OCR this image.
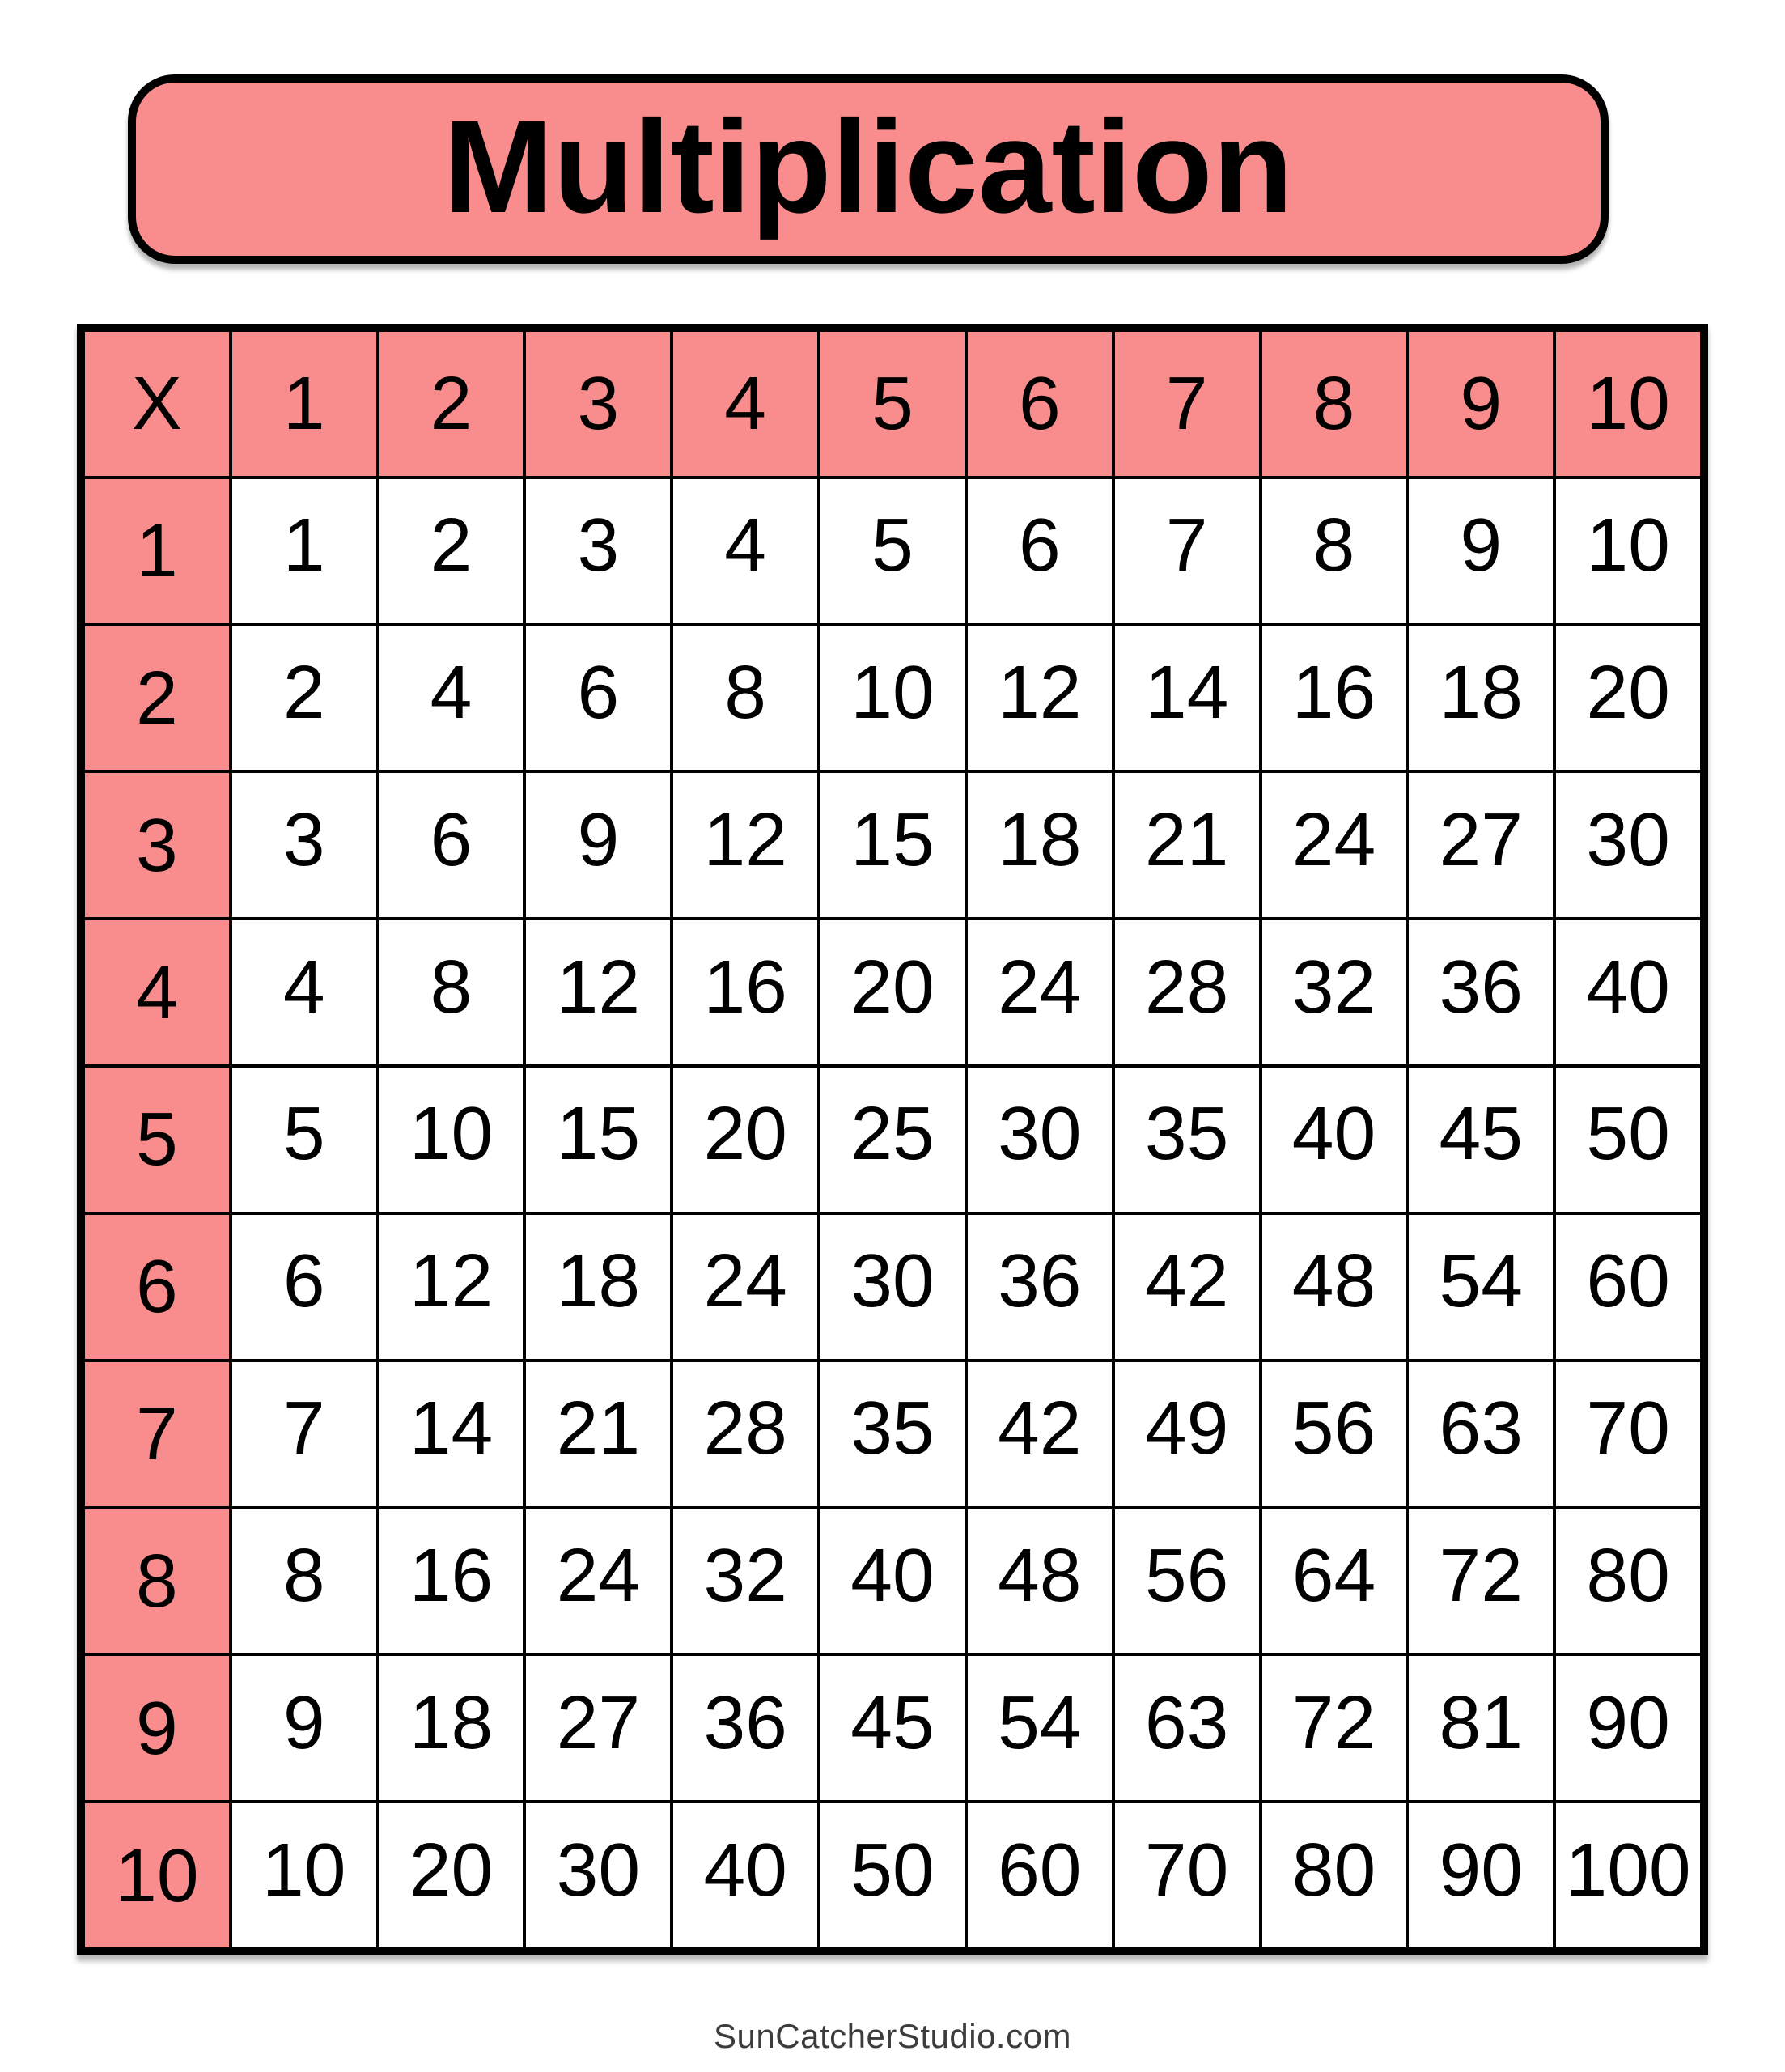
Multiplication
X	1	2	3	4	5	6	7	8	9	10
1	1	2	3	4	5	6	7	8	9	10
2	2	4	6	8	10 12 14 16 18 20
3	3	6	9	12 15 18 21 24 27 30
4	4	8	12 16 20 24 28 32 36 40
5	5	10 15 20 25 30 35 40 45 50
6	6	12 18 24 30 36 42 48 54 60
7	7	14 21 28 35 42 49 56 63 70
8	8	16 24 32 40 48 56 64 72 80
9	9	18 27 36 45 54 63 72 81 90
10 10 20 30 40 50 60 70 80 90 100
SunCatcherStudio.com
